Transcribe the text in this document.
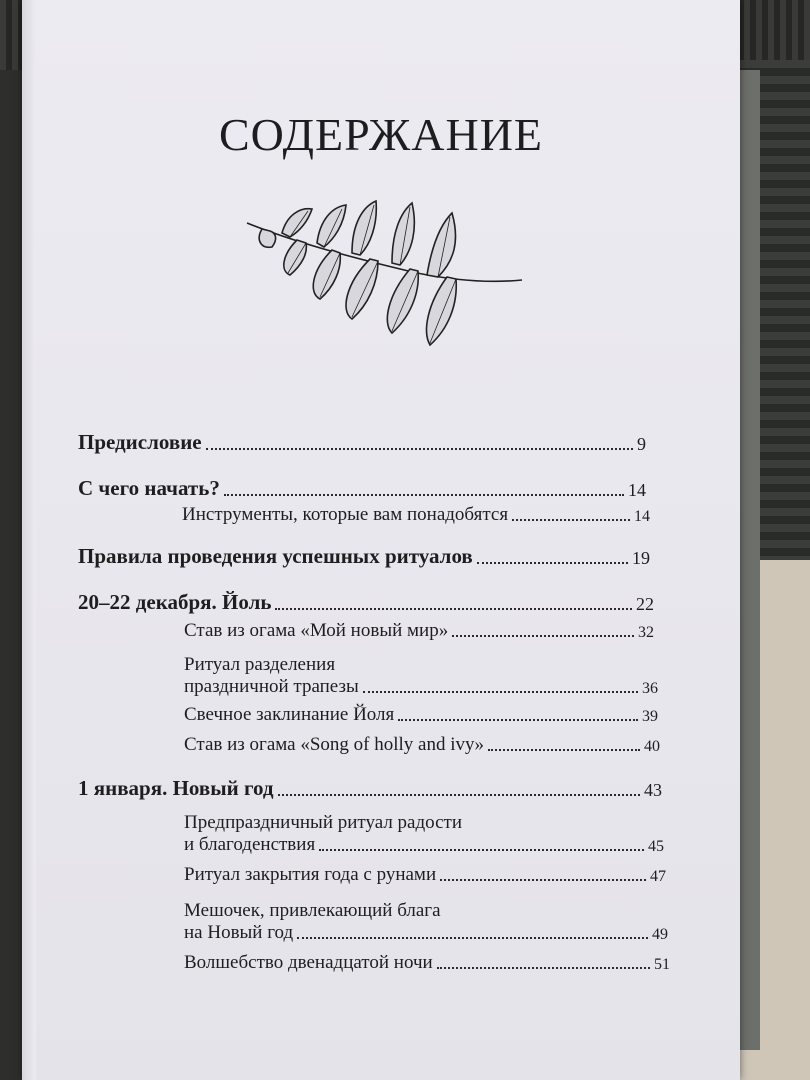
СОДЕРЖАНИЕ
Предисловие	9
С чего начать?	14
Инструменты, которые вам понадобятся	14
Правила проведения успешных ритуалов	19
20–22 декабря. Йоль	22
Став из огама «Мой новый мир»	32
Ритуал разделения
праздничной трапезы	36
Свечное заклинание Йоля	39
Став из огама «Song of holly and ivy»	40
1 января. Новый год	43
Предпраздничный ритуал радости
и благоденствия	45
Ритуал закрытия года с рунами	47
Мешочек, привлекающий блага
на Новый год	49
Волшебство двенадцатой ночи	51
